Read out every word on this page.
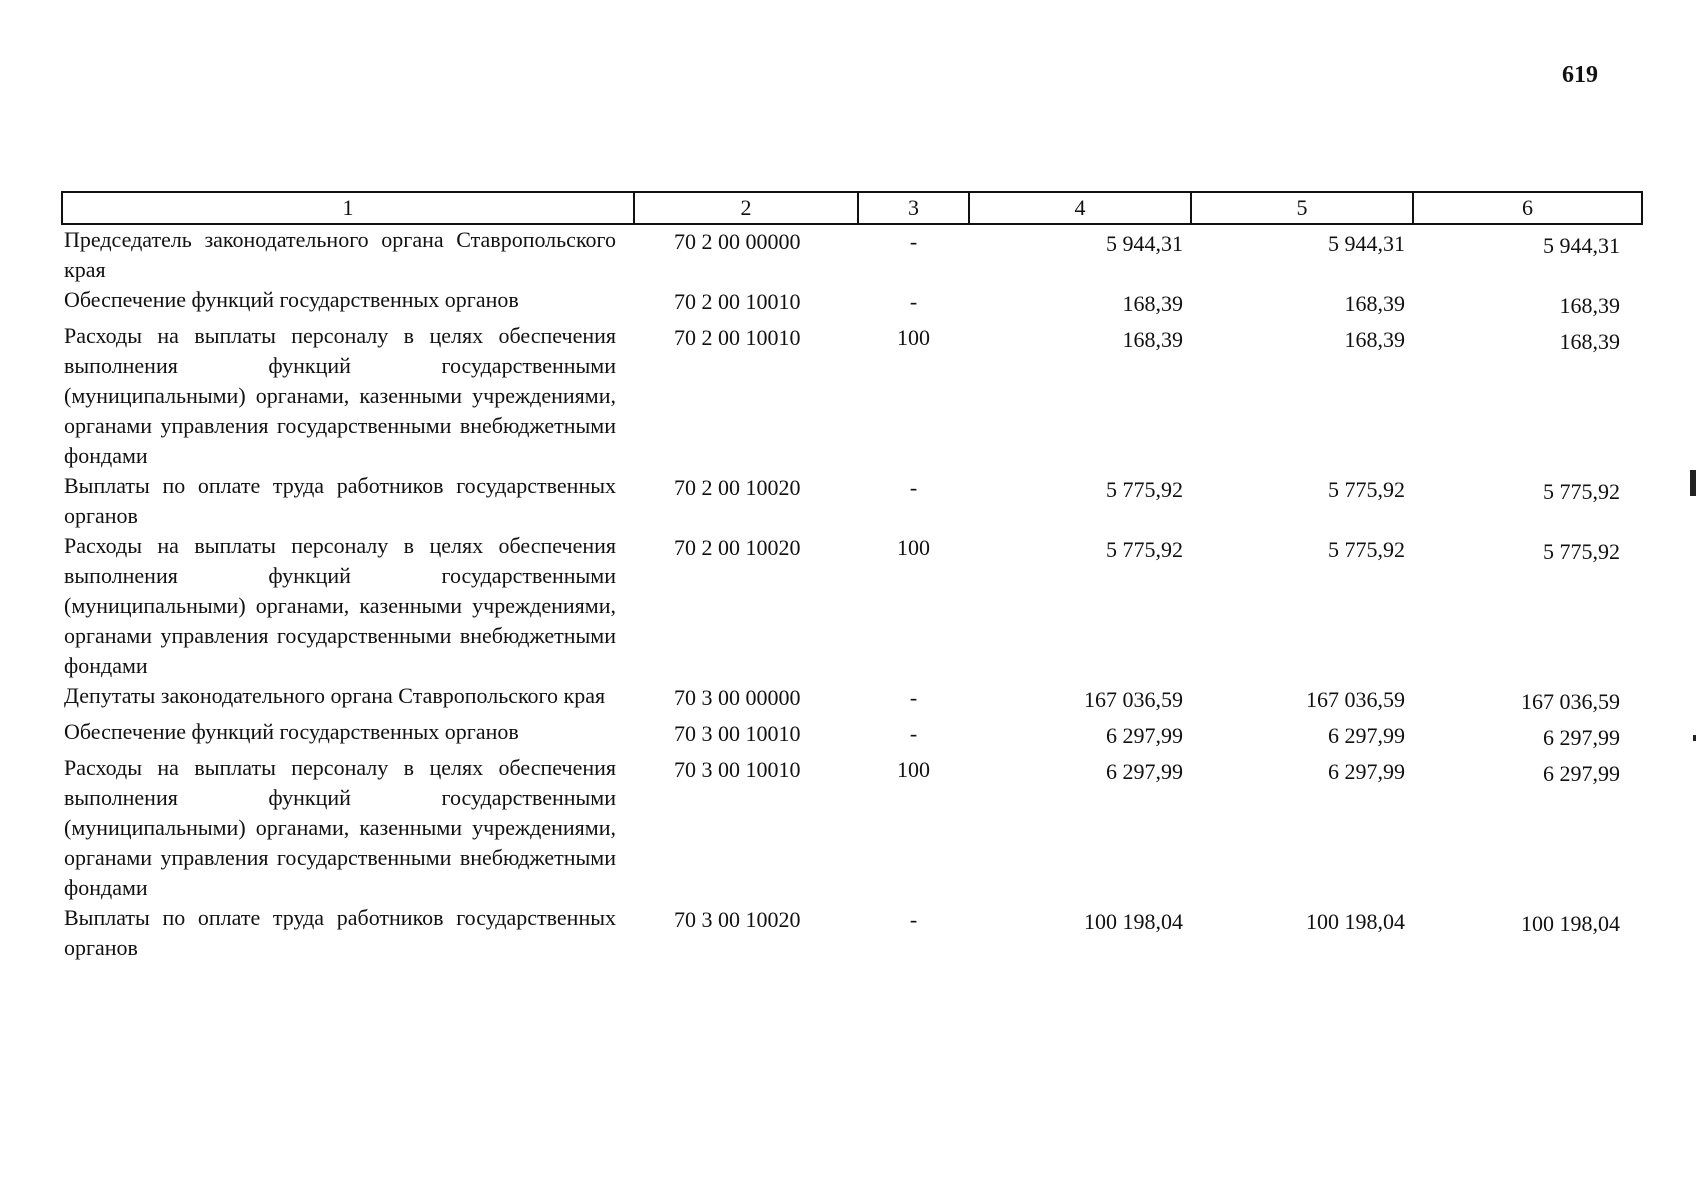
619
1	2	3	4	5	6
Председатель законодательного органа Ставропольского края	70 2 00 00000	-	5 944,31	5 944,31	5 944,31
Обеспечение функций государственных органов	70 2 00 10010	-	168,39	168,39	168,39
Расходы на выплаты персоналу в целях обеспечения выполнения функций государственными (муниципальными) органами, казенными учреждениями, органами управления государственными внебюджетными фондами	70 2 00 10010	100	168,39	168,39	168,39
Выплаты по оплате труда работников государственных органов	70 2 00 10020	-	5 775,92	5 775,92	5 775,92
Расходы на выплаты персоналу в целях обеспечения выполнения функций государственными (муниципальными) органами, казенными учреждениями, органами управления государственными внебюджетными фондами	70 2 00 10020	100	5 775,92	5 775,92	5 775,92
Депутаты законодательного органа Ставропольского края	70 3 00 00000	-	167 036,59	167 036,59	167 036,59
Обеспечение функций государственных органов	70 3 00 10010	-	6 297,99	6 297,99	6 297,99
Расходы на выплаты персоналу в целях обеспечения выполнения функций государственными (муниципальными) органами, казенными учреждениями, органами управления государственными внебюджетными фондами	70 3 00 10010	100	6 297,99	6 297,99	6 297,99
Выплаты по оплате труда работников государственных органов	70 3 00 10020	-	100 198,04	100 198,04	100 198,04
